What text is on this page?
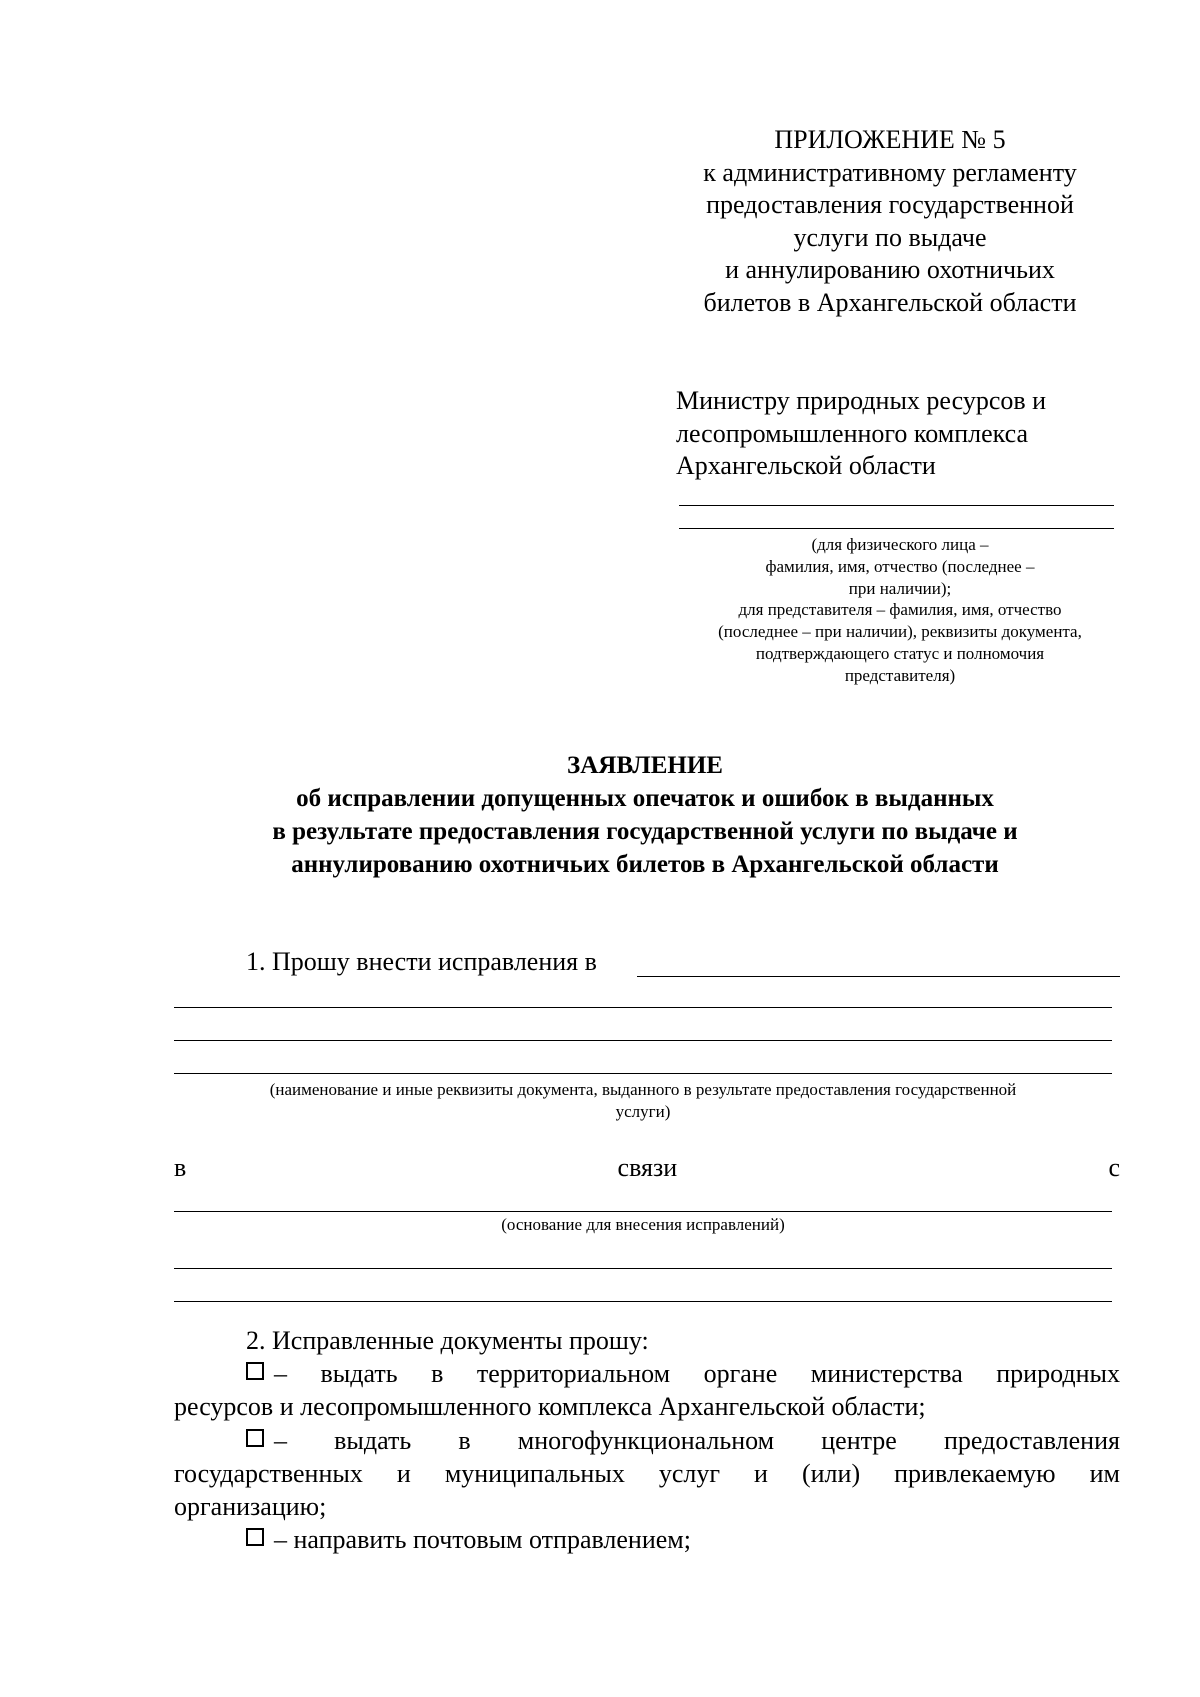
ПРИЛОЖЕНИЕ № 5
к административному регламенту
предоставления государственной
услуги по выдаче
и аннулированию охотничьих
билетов в Архангельской области
Министру природных ресурсов и
лесопромышленного комплекса
Архангельской области
(для физического лица –
фамилия, имя, отчество (последнее –
при наличии);
для представителя – фамилия, имя, отчество
(последнее – при наличии), реквизиты документа,
подтверждающего статус и полномочия
представителя)
ЗАЯВЛЕНИЕ
об исправлении допущенных опечаток и ошибок в выданных
в результате предоставления государственной услуги по выдаче и
аннулированию охотничьих билетов в Архангельской области
1. Прошу внести исправления в
(наименование и иные реквизиты документа, выданного в результате предоставления государственной
услуги)
в	связи	с
(основание для внесения исправлений)
2. Исправленные документы прошу:
– выдать в территориальном органе министерства природных
ресурсов и лесопромышленного комплекса Архангельской области;
– выдать в многофункциональном центре предоставления
государственных и муниципальных услуг и (или) привлекаемую им
организацию;
– направить почтовым отправлением;
